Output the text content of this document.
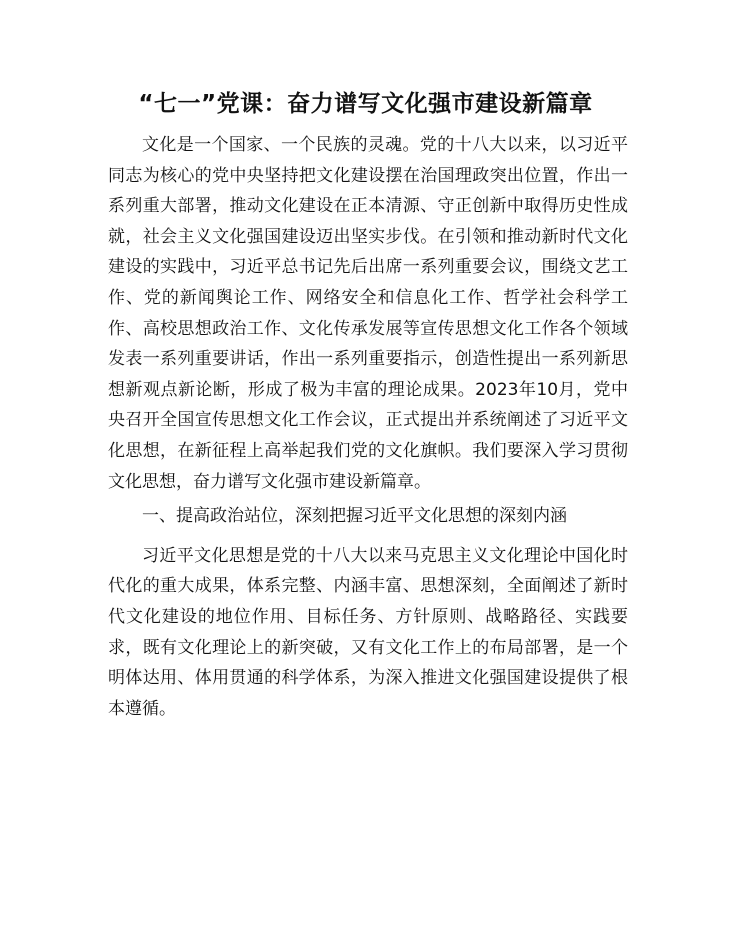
“七一”党课：奋力谱写文化强市建设新篇章

文化是一个国家、一个民族的灵魂。党的十八大以来，以习近平同志为核心的党中央坚持把文化建设摆在治国理政突出位置，作出一系列重大部署，推动文化建设在正本清源、守正创新中取得历史性成就，社会主义文化强国建设迈出坚实步伐。在引领和推动新时代文化建设的实践中，习近平总书记先后出席一系列重要会议，围绕文艺工作、党的新闻舆论工作、网络安全和信息化工作、哲学社会科学工作、高校思想政治工作、文化传承发展等宣传思想文化工作各个领域发表一系列重要讲话，作出一系列重要指示，创造性提出一系列新思想新观点新论断，形成了极为丰富的理论成果。2023年10月，党中央召开全国宣传思想文化工作会议，正式提出并系统阐述了习近平文化思想，在新征程上高举起我们党的文化旗帜。我们要深入学习贯彻文化思想，奋力谱写文化强市建设新篇章。

一、提高政治站位，深刻把握习近平文化思想的深刻内涵

习近平文化思想是党的十八大以来马克思主义文化理论中国化时代化的重大成果，体系完整、内涵丰富、思想深刻，全面阐述了新时代文化建设的地位作用、目标任务、方针原则、战略路径、实践要求，既有文化理论上的新突破，又有文化工作上的布局部署，是一个明体达用、体用贯通的科学体系，为深入推进文化强国建设提供了根本遵循。
